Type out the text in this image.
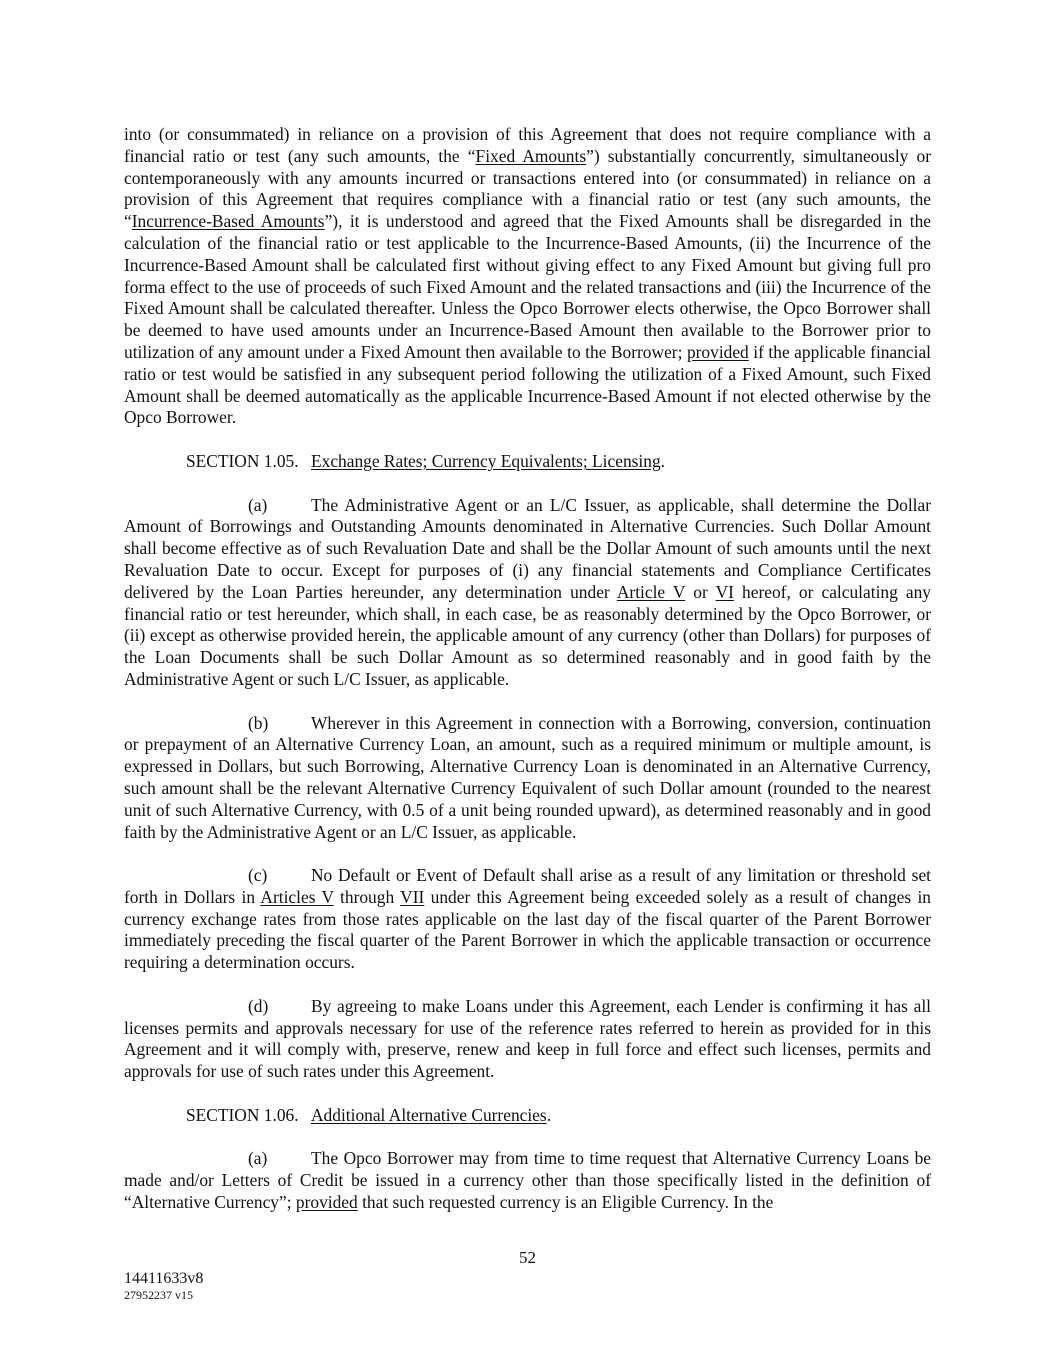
into (or consummated) in reliance on a provision of this Agreement that does not require compliance with a financial ratio or test (any such amounts, the “Fixed Amounts”) substantially concurrently, simultaneously or contemporaneously with any amounts incurred or transactions entered into (or consummated) in reliance on a provision of this Agreement that requires compliance with a financial ratio or test (any such amounts, the “Incurrence-Based Amounts”), it is understood and agreed that the Fixed Amounts shall be disregarded in the calculation of the financial ratio or test applicable to the Incurrence-Based Amounts, (ii) the Incurrence of the Incurrence-Based Amount shall be calculated first without giving effect to any Fixed Amount but giving full pro forma effect to the use of proceeds of such Fixed Amount and the related transactions and (iii) the Incurrence of the Fixed Amount shall be calculated thereafter. Unless the Opco Borrower elects otherwise, the Opco Borrower shall be deemed to have used amounts under an Incurrence-Based Amount then available to the Borrower prior to utilization of any amount under a Fixed Amount then available to the Borrower; provided if the applicable financial ratio or test would be satisfied in any subsequent period following the utilization of a Fixed Amount, such Fixed Amount shall be deemed automatically as the applicable Incurrence-Based Amount if not elected otherwise by the Opco Borrower.

SECTION 1.05. Exchange Rates; Currency Equivalents; Licensing.

(a)	The Administrative Agent or an L/C Issuer, as applicable, shall determine the Dollar Amount of Borrowings and Outstanding Amounts denominated in Alternative Currencies. Such Dollar Amount shall become effective as of such Revaluation Date and shall be the Dollar Amount of such amounts until the next Revaluation Date to occur. Except for purposes of (i) any financial statements and Compliance Certificates delivered by the Loan Parties hereunder, any determination under Article V or VI hereof, or calculating any financial ratio or test hereunder, which shall, in each case, be as reasonably determined by the Opco Borrower, or (ii) except as otherwise provided herein, the applicable amount of any currency (other than Dollars) for purposes of the Loan Documents shall be such Dollar Amount as so determined reasonably and in good faith by the Administrative Agent or such L/C Issuer, as applicable.

(b) Wherever in this Agreement in connection with a Borrowing, conversion, continuation or prepayment of an Alternative Currency Loan, an amount, such as a required minimum or multiple amount, is expressed in Dollars, but such Borrowing, Alternative Currency Loan is denominated in an Alternative Currency, such amount shall be the relevant Alternative Currency Equivalent of such Dollar amount (rounded to the nearest unit of such Alternative Currency, with 0.5 of a unit being rounded upward), as determined reasonably and in good faith by the Administrative Agent or an L/C Issuer, as applicable.

(c)	No Default or Event of Default shall arise as a result of any limitation or threshold set forth in Dollars in Articles V through VII under this Agreement being exceeded solely as a result of changes in currency exchange rates from those rates applicable on the last day of the fiscal quarter of the Parent Borrower immediately preceding the fiscal quarter of the Parent Borrower in which the applicable transaction or occurrence requiring a determination occurs.

(d) By agreeing to make Loans under this Agreement, each Lender is confirming it has all licenses permits and approvals necessary for use of the reference rates referred to herein as provided for in this Agreement and it will comply with, preserve, renew and keep in full force and effect such licenses, permits and approvals for use of such rates under this Agreement.

SECTION 1.06. Additional Alternative Currencies.

(a)	The Opco Borrower may from time to time request that Alternative Currency Loans be made and/or Letters of Credit be issued in a currency other than those specifically listed in the definition of “Alternative Currency”; provided that such requested currency is an Eligible Currency. In the

52
14411633v8
27952237 v15
